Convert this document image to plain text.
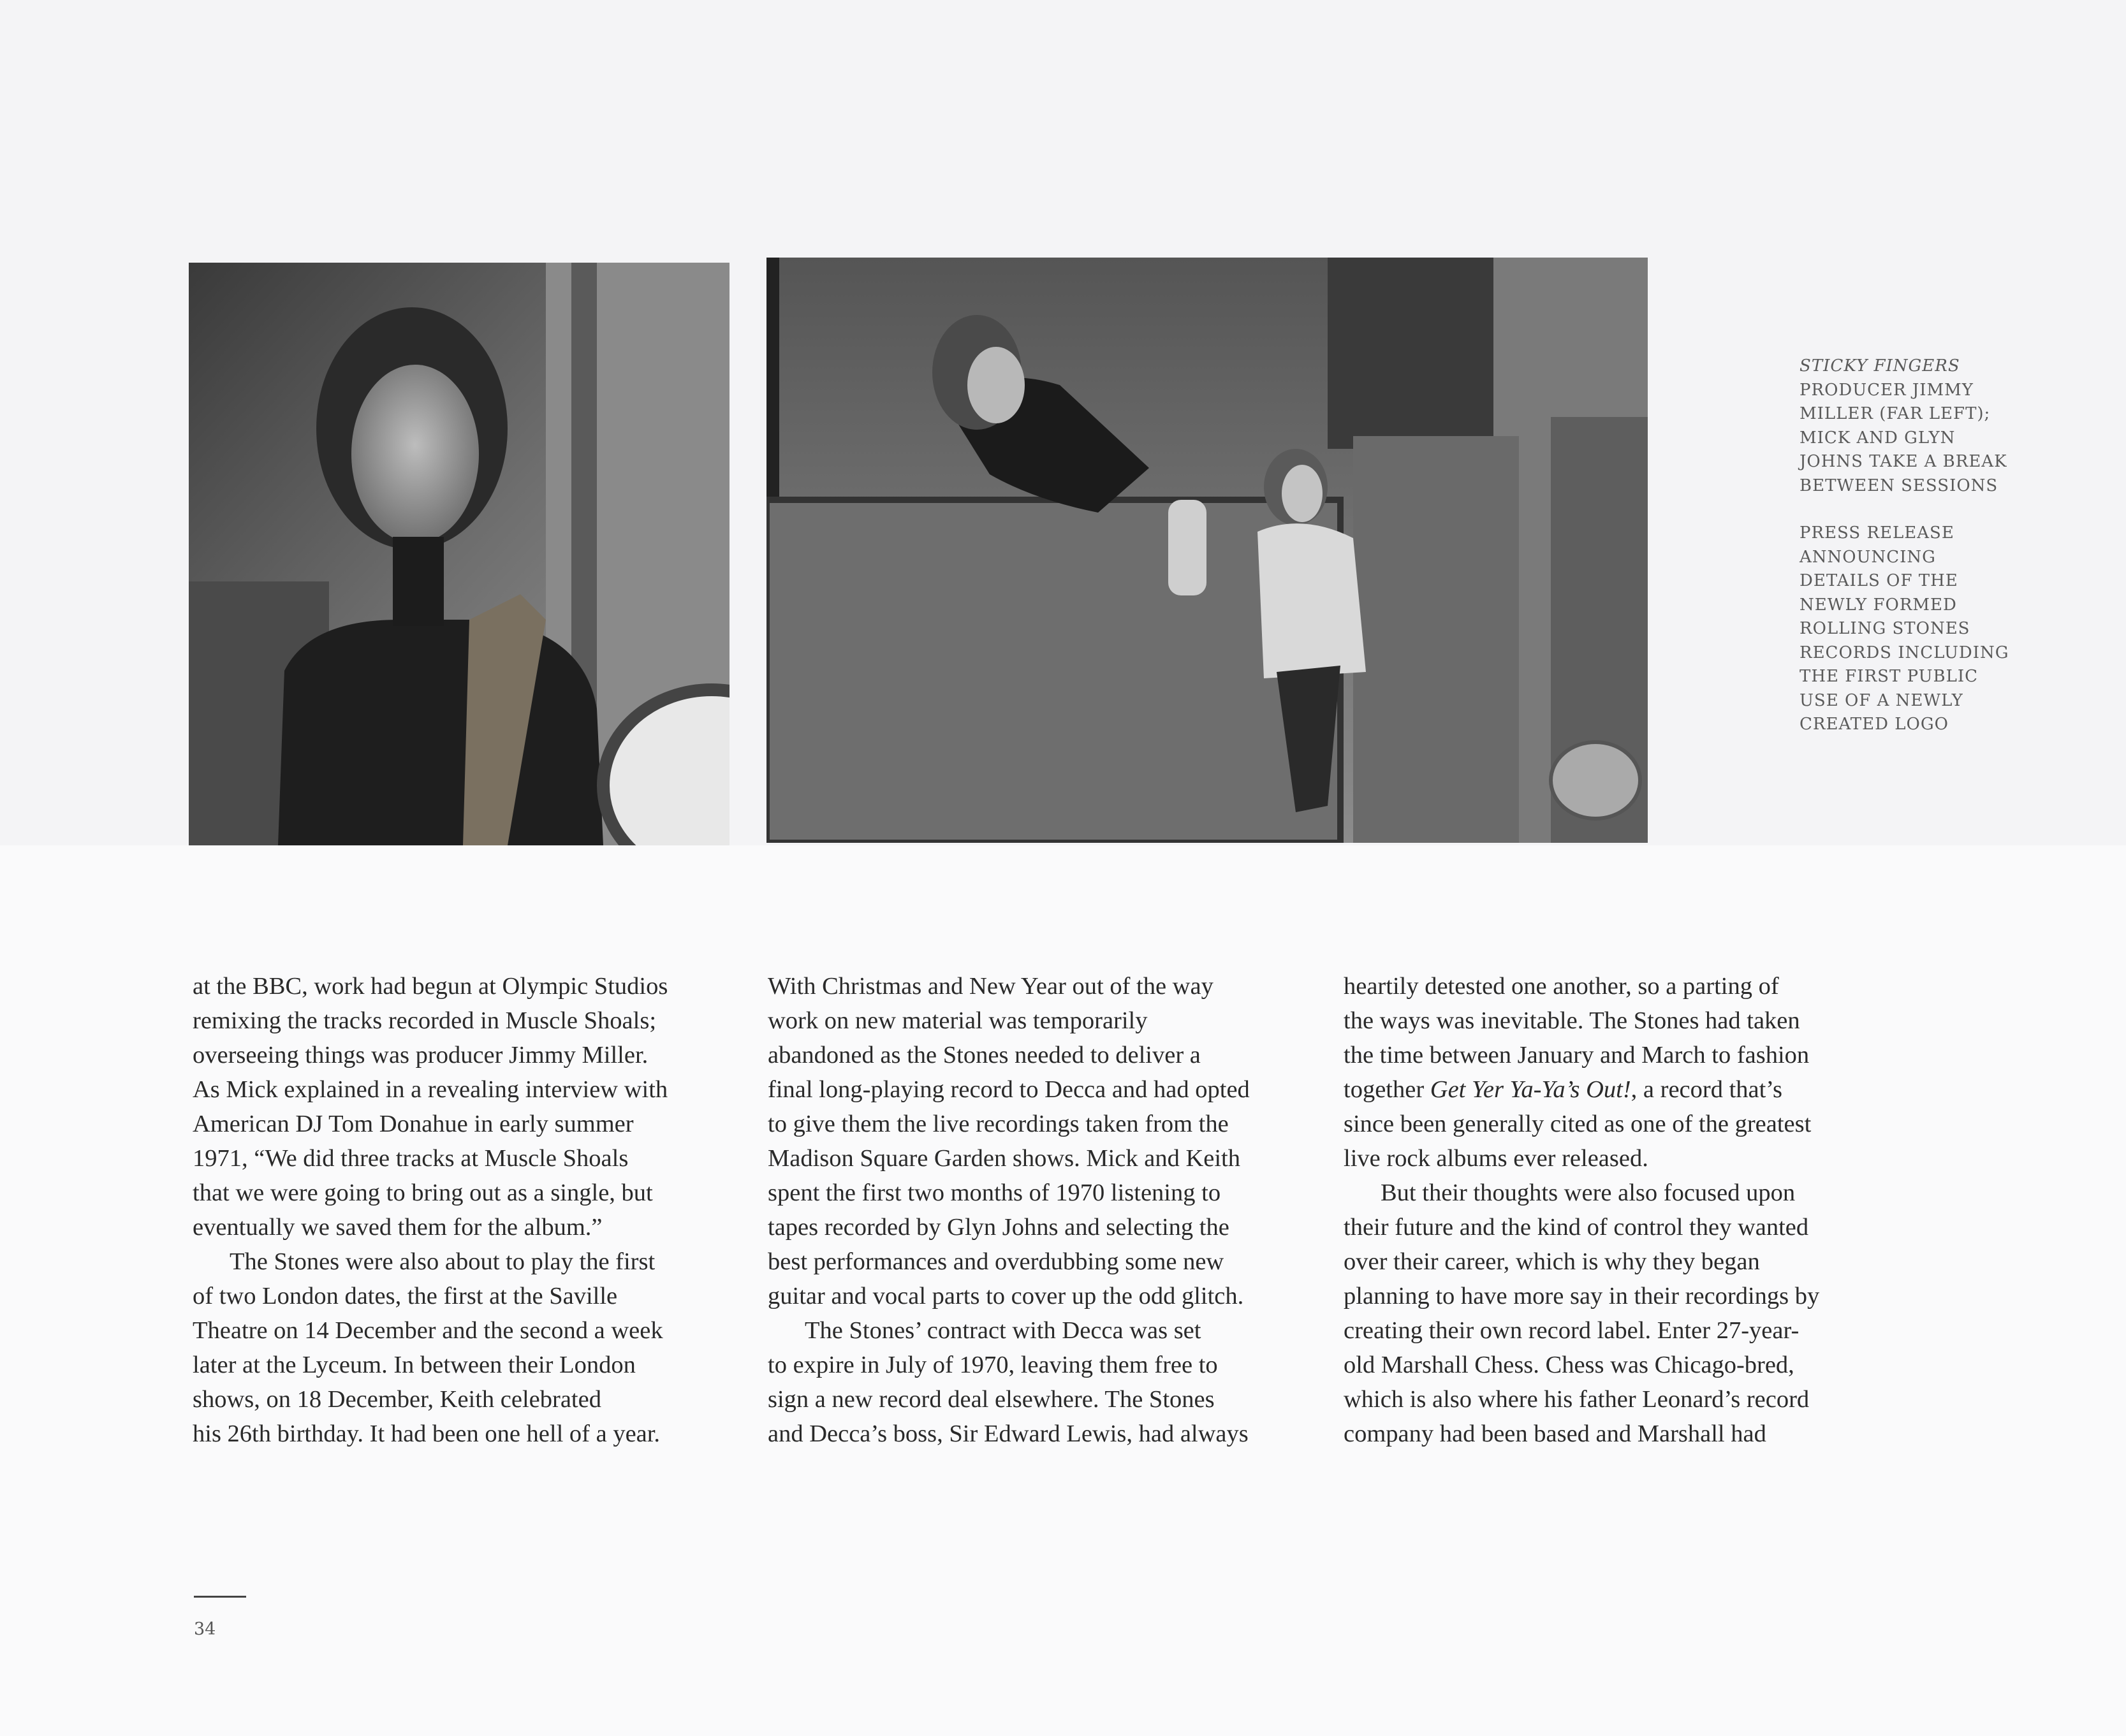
STICKY FINGERS
PRODUCER JIMMY
MILLER (FAR LEFT);
MICK AND GLYN
JOHNS TAKE A BREAK
BETWEEN SESSIONS

PRESS RELEASE
ANNOUNCING
DETAILS OF THE
NEWLY FORMED
ROLLING STONES
RECORDS INCLUDING
THE FIRST PUBLIC
USE OF A NEWLY
CREATED LOGO

at the BBC, work had begun at Olympic Studios
remixing the tracks recorded in Muscle Shoals;
overseeing things was producer Jimmy Miller.
As Mick explained in a revealing interview with
American DJ Tom Donahue in early summer
1971, “We did three tracks at Muscle Shoals
that we were going to bring out as a single, but
eventually we saved them for the album.”

The Stones were also about to play the first
of two London dates, the first at the Saville
Theatre on 14 December and the second a week
later at the Lyceum. In between their London
shows, on 18 December, Keith celebrated
his 26th birthday. It had been one hell of a year.

With Christmas and New Year out of the way
work on new material was temporarily
abandoned as the Stones needed to deliver a
final long-playing record to Decca and had opted
to give them the live recordings taken from the
Madison Square Garden shows. Mick and Keith
spent the first two months of 1970 listening to
tapes recorded by Glyn Johns and selecting the
best performances and overdubbing some new
guitar and vocal parts to cover up the odd glitch.

The Stones’ contract with Decca was set
to expire in July of 1970, leaving them free to
sign a new record deal elsewhere. The Stones
and Decca’s boss, Sir Edward Lewis, had always

heartily detested one another, so a parting of
the ways was inevitable. The Stones had taken
the time between January and March to fashion
together Get Yer Ya-Ya’s Out!, a record that’s
since been generally cited as one of the greatest
live rock albums ever released.

But their thoughts were also focused upon
their future and the kind of control they wanted
over their career, which is why they began
planning to have more say in their recordings by
creating their own record label. Enter 27-year-
old Marshall Chess. Chess was Chicago-bred,
which is also where his father Leonard’s record
company had been based and Marshall had

34
